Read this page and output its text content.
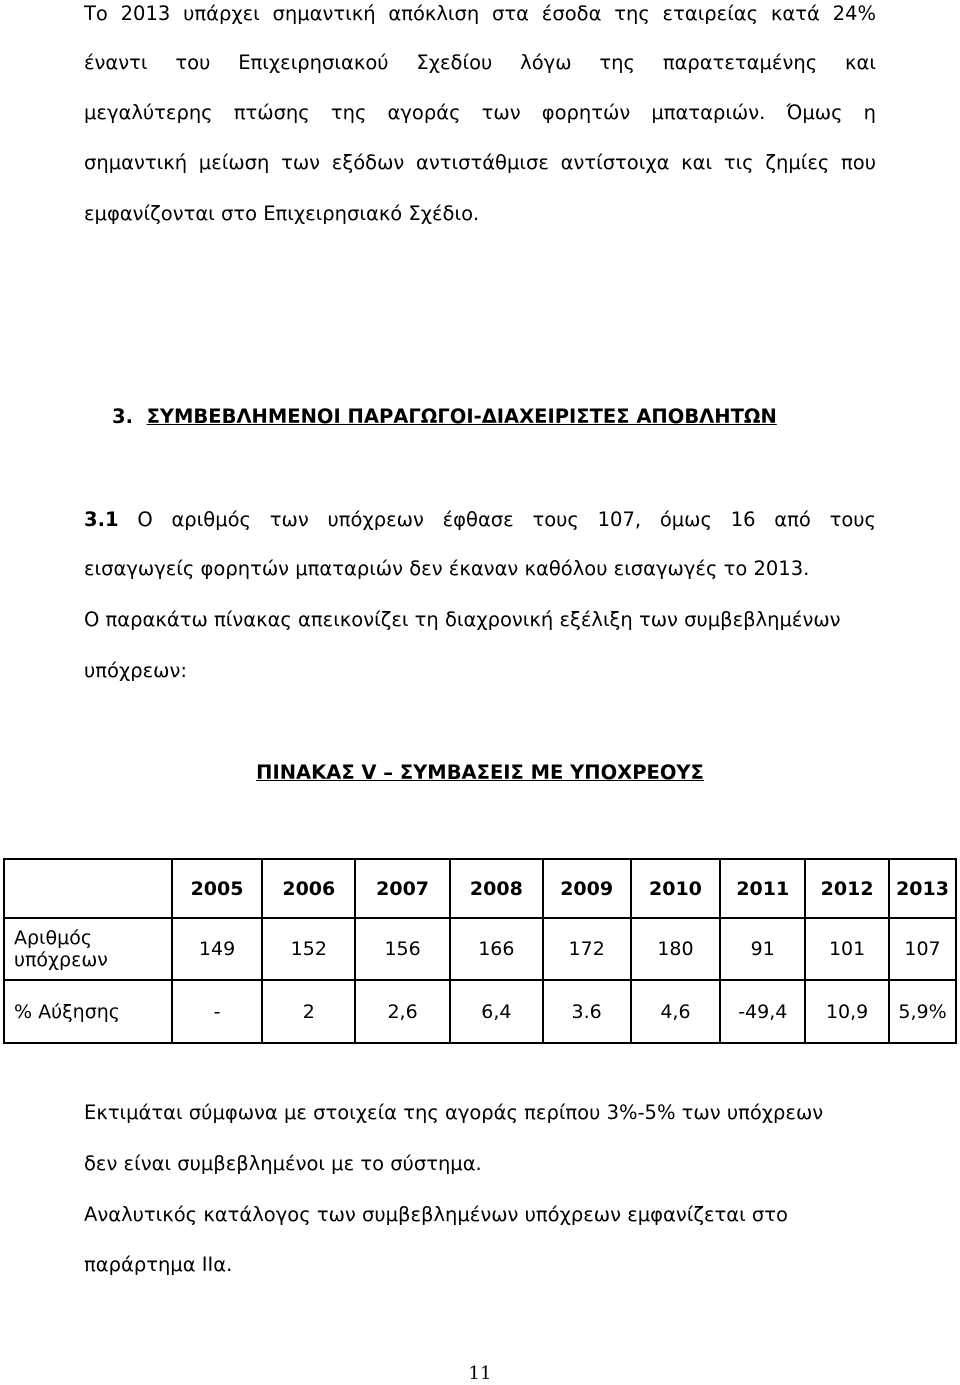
Το 2013 υπάρχει σημαντική απόκλιση στα έσοδα της εταιρείας κατά 24%
έναντι του Επιχειρησιακού Σχεδίου λόγω της παρατεταμένης και
μεγαλύτερης πτώσης της αγοράς των φορητών μπαταριών. Όμως η
σημαντική μείωση των εξόδων αντιστάθμισε αντίστοιχα και τις ζημίες που
εμφανίζονται στο Επιχειρησιακό Σχέδιο.
3. ΣΥΜΒΕΒΛΗΜΕΝΟΙ ΠΑΡΑΓΩΓΟΙ-ΔΙΑΧΕΙΡΙΣΤΕΣ ΑΠΟΒΛΗΤΩΝ
3.1 Ο αριθμός των υπόχρεων έφθασε τους 107, όμως 16 από τους
εισαγωγείς φορητών μπαταριών δεν έκαναν καθόλου εισαγωγές το 2013.
Ο παρακάτω πίνακας απεικονίζει τη διαχρονική εξέλιξη των συμβεβλημένων
υπόχρεων:
ΠΙΝΑΚΑΣ V – ΣΥΜΒΑΣΕΙΣ ΜΕ ΥΠΟΧΡΕΟΥΣ
	2005	2006	2007	2008	2009	2010	2011	2012	2013

Αριθμός
υπόχρεων	149	152	156	166	172	180	91	101	107
% Αύξησης	-	2	2,6	6,4	3.6	4,6	-49,4	10,9	5,9%
Εκτιμάται σύμφωνα με στοιχεία της αγοράς περίπου 3%-5% των υπόχρεων
δεν είναι συμβεβλημένοι με το σύστημα.
Αναλυτικός κατάλογος των συμβεβλημένων υπόχρεων εμφανίζεται στο
παράρτημα ΙΙα.
11
